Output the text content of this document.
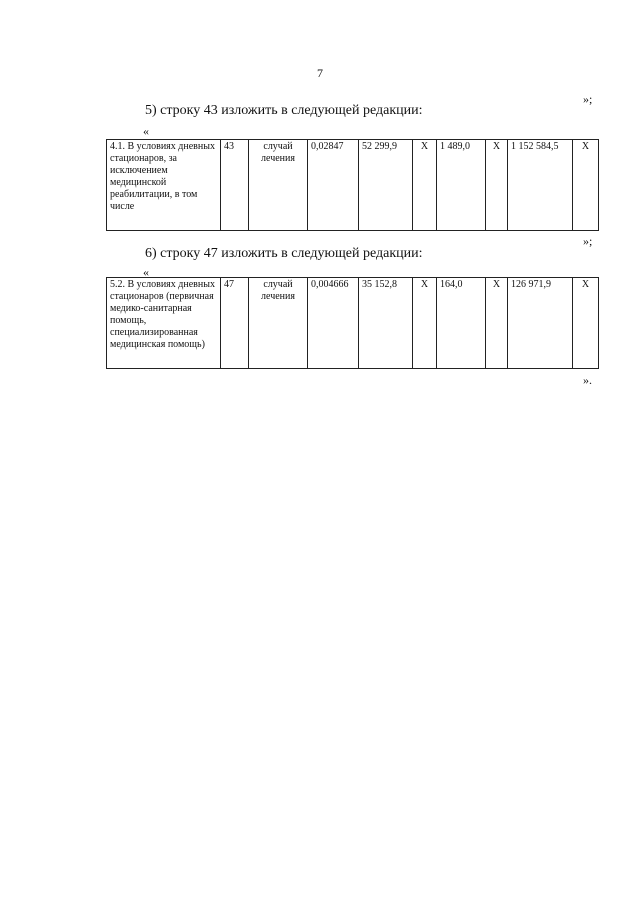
7
»;
5) строку 43 изложить в следующей редакции:
«
4.1. В условиях дневных стационаров, за исключением медицинской реабилитации, в том числе	43	случай лечения	0,02847	52 299,9	Х	1 489,0	Х	1 152 584,5	Х
»;
6) строку 47 изложить в следующей редакции:
«
5.2. В условиях дневных стационаров (первичная медико-санитарная помощь, специализированная медицинская помощь)	47	случай лечения	0,004666	35 152,8	Х	164,0	Х	126 971,9	Х
».
